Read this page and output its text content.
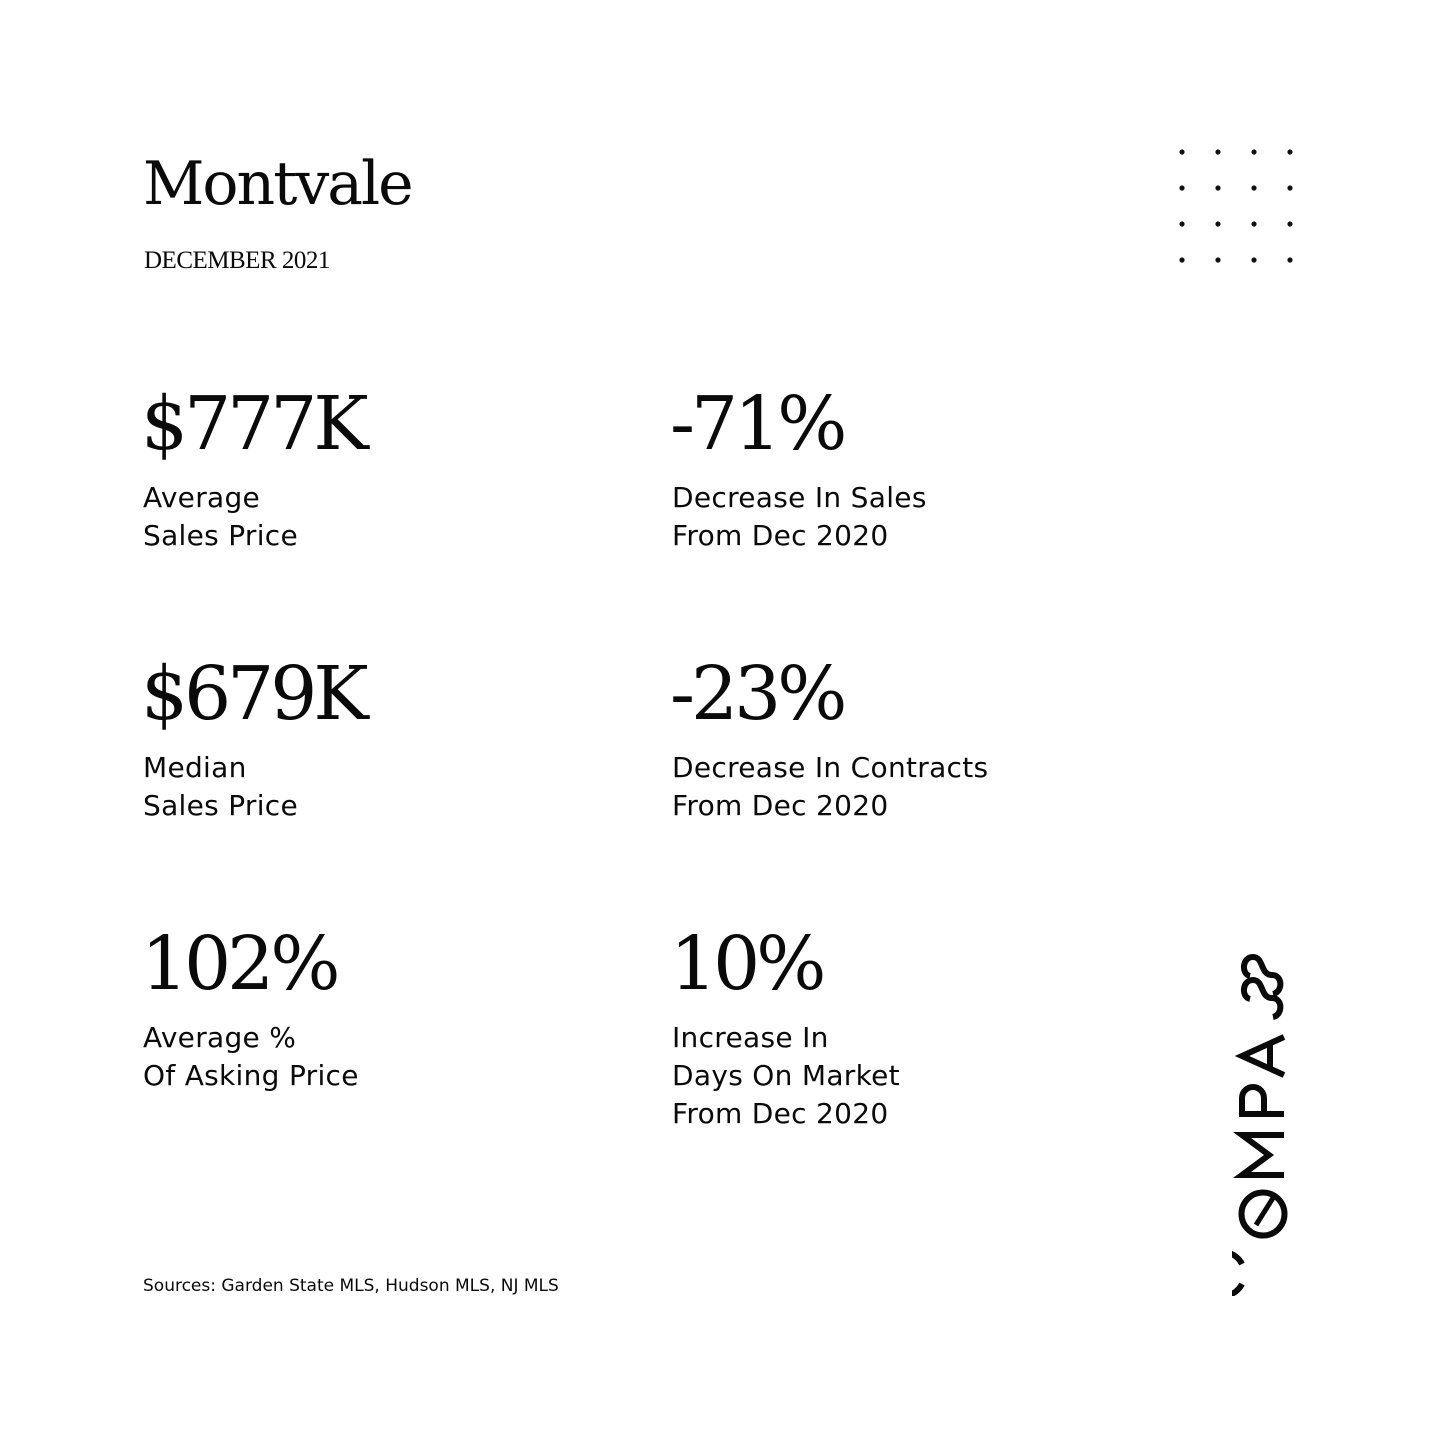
Montvale
DECEMBER 2021
$777K
Average
Sales Price
-71%
Decrease In Sales
From Dec 2020
$679K
Median
Sales Price
-23%
Decrease In Contracts
From Dec 2020
102%
Average %
Of Asking Price
10%
Increase In
Days On Market
From Dec 2020
Sources: Garden State MLS, Hudson MLS, NJ MLS
